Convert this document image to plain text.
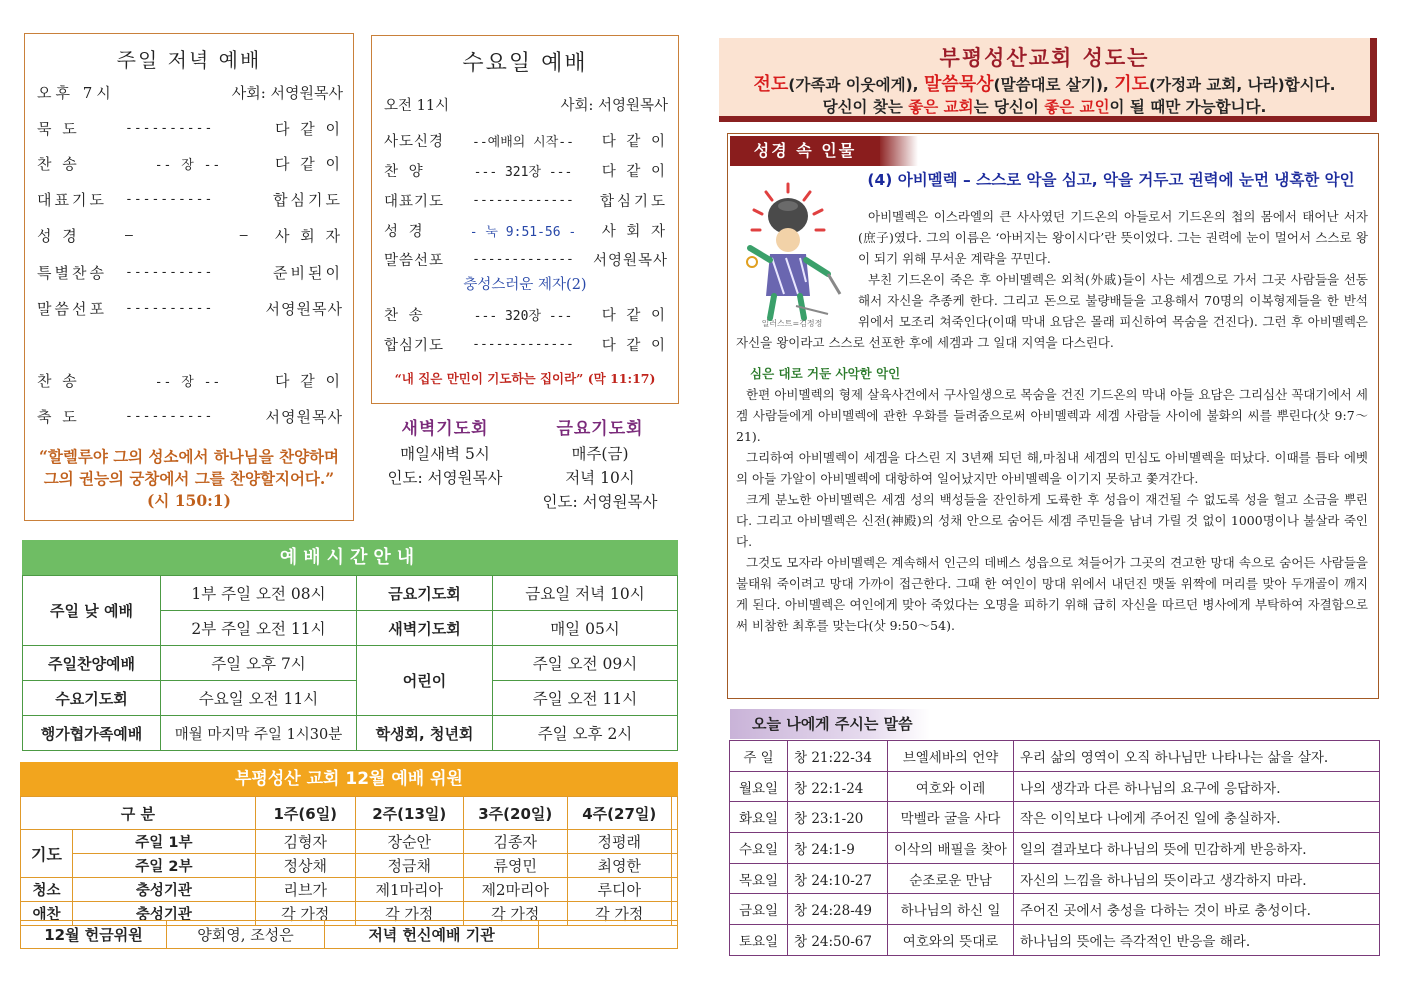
주일 저녁 예배
오후 7시	사회: 서영원목사
묵 도	----------	다 같 이
찬 송	-- 장 --	다 같 이
대표기도	----------	합심기도
성 경	–            –	사 회 자
특별찬송	----------	준비된이
말씀선포	----------	서영원목사
찬 송	-- 장 --	다 같 이
축 도	----------	서영원목사
“할렐루야 그의 성소에서 하나님을 찬양하며 그의 권능의 궁창에서 그를 찬양할지어다.” (시 150:1)
수요일 예배
오전 11시	사회: 서영원목사
사도신경	--예배의 시작--	다 같 이
찬 양	--- 321장 ---	다 같 이
대표기도	-------------	합심기도
성 경	- 눅 9:51-56 -	사 회 자
말씀선포	-------------	서영원목사
충성스러운 제자(2)
찬 송	--- 320장 ---	다 같 이
합심기도	-------------	다 같 이
“내 집은 만민이 기도하는 집이라” (막 11:17)
새벽기도회
매일새벽 5시
인도: 서영원목사
금요기도회
매주(금)
저녁 10시
인도: 서영원목사
예배시간안내
주일 낮 예배	1부 주일 오전 08시	금요기도회	금요일 저녁 10시
	2부 주일 오전 11시	새벽기도회	매일 05시
주일찬양예배	주일 오후 7시	어린이	주일 오전 09시
수요기도회	수요일 오전 11시		주일 오전 11시
행가협가족예배	매월 마지막 주일 1시30분	학생회, 청년회	주일 오후 2시
부평성산 교회 12월 예배 위원
구 분		1주(6일)	2주(13일)	3주(20일)	4주(27일)	
기도	주일 1부	김형자	장순안	김종자	정평래	
	주일 2부	정상채	정금채	류영민	최영한	
청소	충성기관	리브가	제1마리아	제2마리아	루디아	
애찬	충성기관	각 가정	각 가정	각 가정	각 가정	
12월 헌금위원	양회영, 조성은	저녁 헌신예배 기관	
부평성산교회 성도는
전도(가족과 이웃에게), 말씀묵상(말씀대로 살기), 기도(가정과 교회, 나라)합시다.
당신이 찾는 좋은 교회는 당신이 좋은 교인이 될 때만 가능합니다.
성경 속 인물
(4) 아비멜렉 – 스스로 악을 심고, 악을 거두고 권력에 눈먼 냉혹한 악인
일러스트=김정정
아비멜렉은 이스라엘의 큰 사사였던 기드온의 아들로서 기드온의 첩의 몸에서 태어난 서자(庶子)였다. 그의 이름은 ‘아버지는 왕이시다’란 뜻이었다. 그는 권력에 눈이 멀어서 스스로 왕이 되기 위해 무서운 계략을 꾸민다.
부친 기드온이 죽은 후 아비멜렉은 외척(外戚)들이 사는 세겜으로 가서 그곳 사람들을 선동해서 자신을 추종케 한다. 그리고 돈으로 불량배들을 고용해서 70명의 이복형제들을 한 반석 위에서 모조리 쳐죽인다(이때 막내 요담은 몰래 피신하여 목숨을 건진다). 그런 후 아비멜렉은 자신을 왕이라고 스스로 선포한 후에 세겜과 그 일대 지역을 다스린다.
심은 대로 거둔 사악한 악인
한편 아비멜렉의 형제 살육사건에서 구사일생으로 목숨을 건진 기드온의 막내 아들 요담은 그리심산 꼭대기에서 세겜 사람들에게 아비멜렉에 관한 우화를 들려줌으로써 아비멜렉과 세겜 사람들 사이에 불화의 씨를 뿌린다(삿 9:7～21).
그리하여 아비멜렉이 세겜을 다스린 지 3년째 되던 해,마침내 세겜의 민심도 아비멜렉을 떠났다. 이때를 틈타 에벳의 아들 가알이 아비멜렉에 대항하여 일어났지만 아비멜렉을 이기지 못하고 쫓겨간다.
크게 분노한 아비멜렉은 세겜 성의 백성들을 잔인하게 도륙한 후 성읍이 재건될 수 없도록 성을 헐고 소금을 뿌린다. 그리고 아비멜렉은 신전(神殿)의 성채 안으로 숨어든 세겜 주민들을 남녀 가릴 것 없이 1000명이나 불살라 죽인다.
그것도 모자라 아비멜렉은 계속해서 인근의 데베스 성읍으로 쳐들어가 그곳의 견고한 망대 속으로 숨어든 사람들을 불태워 죽이려고 망대 가까이 접근한다. 그때 한 여인이 망대 위에서 내던진 맷돌 위짝에 머리를 맞아 두개골이 깨지게 된다. 아비멜렉은 여인에게 맞아 죽었다는 오명을 피하기 위해 급히 자신을 따르던 병사에게 부탁하여 자결함으로써 비참한 최후를 맞는다(삿 9:50～54).
오늘 나에게 주시는 말씀
주 일	창 21:22-34	브엘세바의 언약	우리 삶의 영역이 오직 하나님만 나타나는 삶을 살자.
월요일	창 22:1-24	여호와 이레	나의 생각과 다른 하나님의 요구에 응답하자.
화요일	창 23:1-20	막벨라 굴을 사다	작은 이익보다 나에게 주어진 일에 충실하자.
수요일	창 24:1-9	이삭의 배필을 찾아	일의 결과보다 하나님의 뜻에 민감하게 반응하자.
목요일	창 24:10-27	순조로운 만남	자신의 느낌을 하나님의 뜻이라고 생각하지 마라.
금요일	창 24:28-49	하나님의 하신 일	주어진 곳에서 충성을 다하는 것이 바로 충성이다.
토요일	창 24:50-67	여호와의 뜻대로	하나님의 뜻에는 즉각적인 반응을 해라.
